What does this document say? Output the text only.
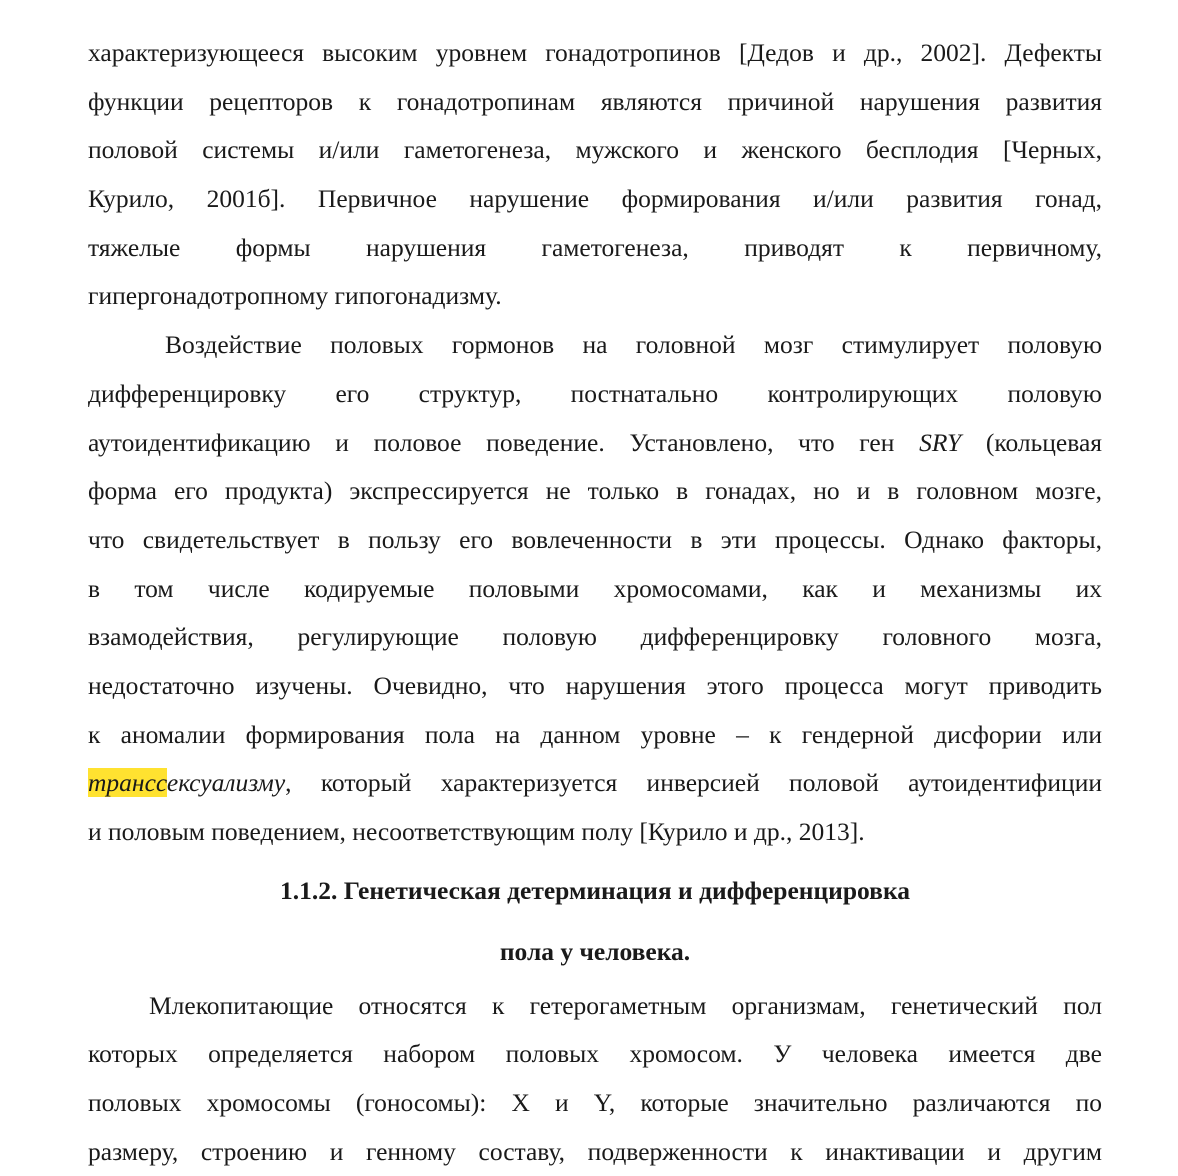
характеризующееся высоким уровнем гонадотропинов [Дедов и др., 2002]. Дефекты
функции рецепторов к гонадотропинам являются причиной нарушения развития
половой системы и/или гаметогенеза, мужского и женского бесплодия [Черных,
Курило, 2001б]. Первичное нарушение формирования и/или развития гонад,
тяжелые формы нарушения гаметогенеза, приводят к первичному,
гипергонадотропному гипогонадизму.
Воздействие половых гормонов на головной мозг стимулирует половую
дифференцировку его структур, постнатально контролирующих половую
аутоидентификацию и половое поведение. Установлено, что ген SRY (кольцевая
форма его продукта) экспрессируется не только в гонадах, но и в головном мозге,
что свидетельствует в пользу его вовлеченности в эти процессы. Однако факторы,
в том числе кодируемые половыми хромосомами, как и механизмы их
взамодействия, регулирующие половую дифференцировку головного мозга,
недостаточно изучены. Очевидно, что нарушения этого процесса могут приводить
к аномалии формирования пола на данном уровне – к гендерной дисфории или
транссексуализму, который характеризуется инверсией половой аутоидентифиции
и половым поведением, несоответствующим полу [Курило и др., 2013].
1.1.2. Генетическая детерминация и дифференцировка
пола у человека.
Млекопитающие относятся к гетерогаметным организмам, генетический пол
которых определяется набором половых хромосом. У человека имеется две
половых хромосомы (гоносомы): X и Y, которые значительно различаются по
размеру, строению и генному составу, подверженности к инактивации и другим
